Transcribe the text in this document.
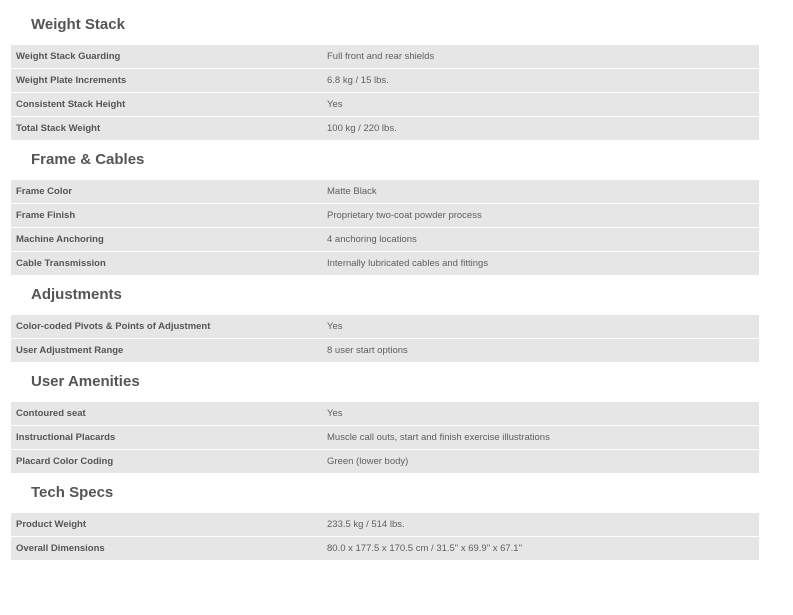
Weight Stack
Weight Stack Guarding	Full front and rear shields
Weight Plate Increments	6.8 kg / 15 lbs.
Consistent Stack Height	Yes
Total Stack Weight	100 kg / 220 lbs.
Frame & Cables
Frame Color	Matte Black
Frame Finish	Proprietary two-coat powder process
Machine Anchoring	4 anchoring locations
Cable Transmission	Internally lubricated cables and fittings
Adjustments
Color-coded Pivots & Points of Adjustment	Yes
User Adjustment Range	8 user start options
User Amenities
Contoured seat	Yes
Instructional Placards	Muscle call outs, start and finish exercise illustrations
Placard Color Coding	Green (lower body)
Tech Specs
Product Weight	233.5 kg / 514 lbs.
Overall Dimensions	80.0 x 177.5 x 170.5 cm / 31.5" x 69.9" x 67.1"
